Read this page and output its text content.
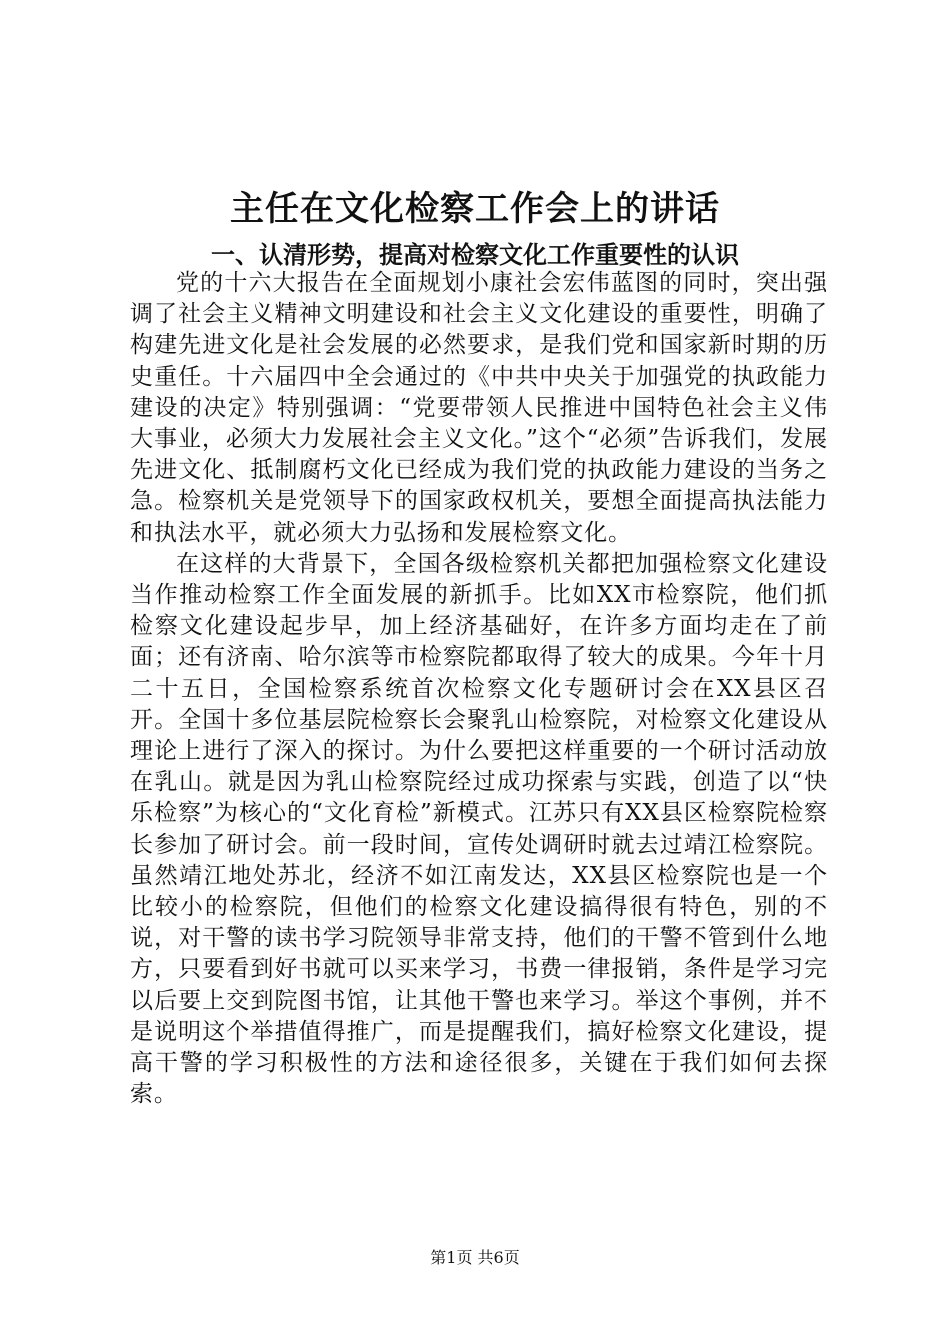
主任在文化检察工作会上的讲话
一、认清形势，提高对检察文化工作重要性的认识

党的十六大报告在全面规划小康社会宏伟蓝图的同时，突出强调了社会主义精神文明建设和社会主义文化建设的重要性，明确了构建先进文化是社会发展的必然要求，是我们党和国家新时期的历史重任。十六届四中全会通过的《中共中央关于加强党的执政能力建设的决定》特别强调：“党要带领人民推进中国特色社会主义伟大事业，必须大力发展社会主义文化。”这个“必须”告诉我们，发展先进文化、抵制腐朽文化已经成为我们党的执政能力建设的当务之急。检察机关是党领导下的国家政权机关，要想全面提高执法能力和执法水平，就必须大力弘扬和发展检察文化。

在这样的大背景下，全国各级检察机关都把加强检察文化建设当作推动检察工作全面发展的新抓手。比如XX市检察院，他们抓检察文化建设起步早，加上经济基础好，在许多方面均走在了前面；还有济南、哈尔滨等市检察院都取得了较大的成果。今年十月二十五日，全国检察系统首次检察文化专题研讨会在XX县区召开。全国十多位基层院检察长会聚乳山检察院，对检察文化建设从理论上进行了深入的探讨。为什么要把这样重要的一个研讨活动放在乳山。就是因为乳山检察院经过成功探索与实践，创造了以“快乐检察”为核心的“文化育检”新模式。江苏只有XX县区检察院检察长参加了研讨会。前一段时间，宣传处调研时就去过靖江检察院。虽然靖江地处苏北，经济不如江南发达，XX县区检察院也是一个比较小的检察院，但他们的检察文化建设搞得很有特色，别的不说，对干警的读书学习院领导非常支持，他们的干警不管到什么地方，只要看到好书就可以买来学习，书费一律报销，条件是学习完以后要上交到院图书馆，让其他干警也来学习。举这个事例，并不是说明这个举措值得推广，而是提醒我们，搞好检察文化建设，提高干警的学习积极性的方法和途径很多，关键在于我们如何去探索。

第1页 共6页
